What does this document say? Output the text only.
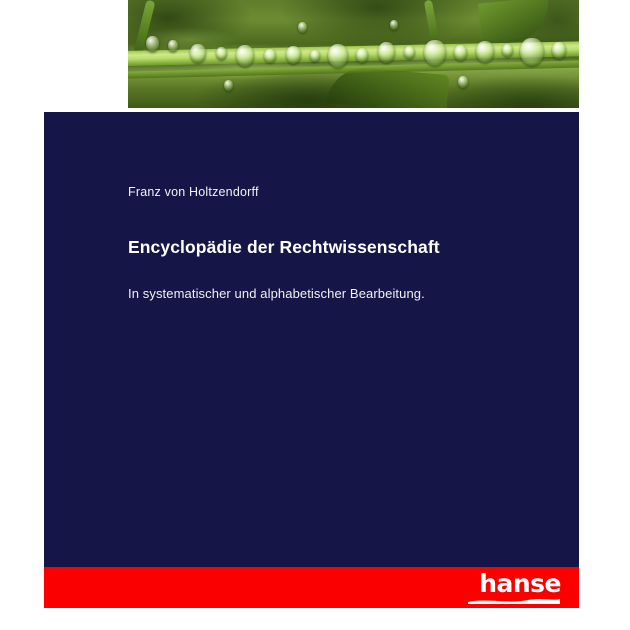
Franz von Holtzendorff

Encyclopädie der Rechtwissenschaft

In systematischer und alphabetischer Bearbeitung.

hanse
